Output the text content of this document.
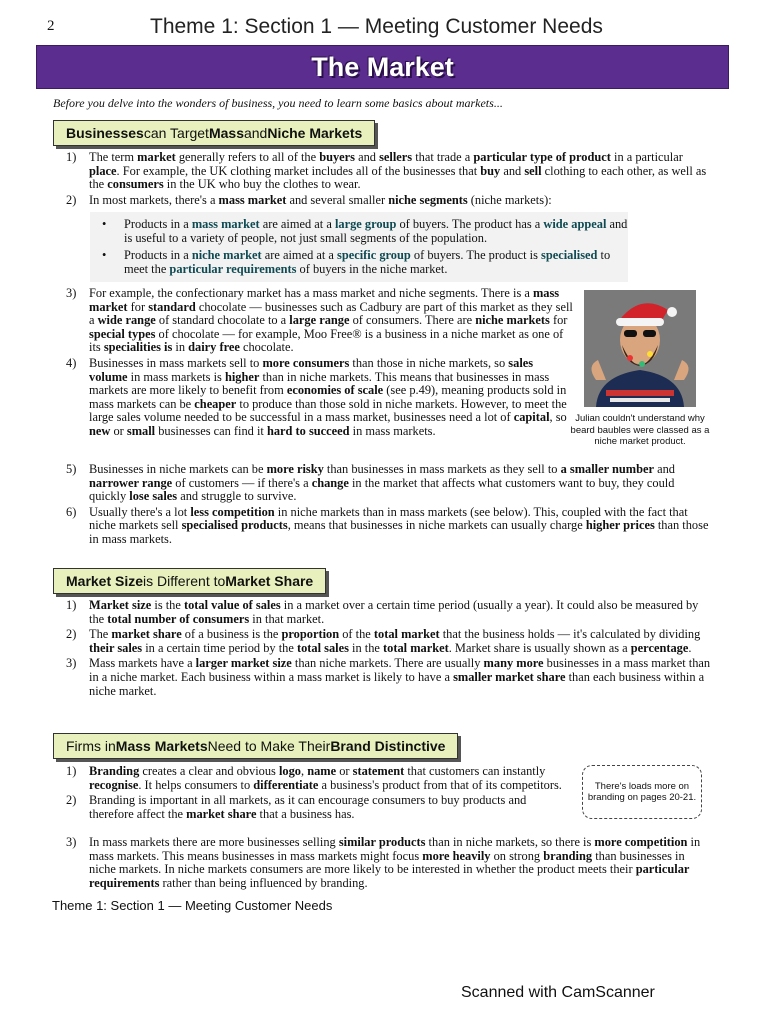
2	Theme 1: Section 1 — Meeting Customer Needs
The Market
Before you delve into the wonders of business, you need to learn some basics about markets...
Businesses can Target Mass and Niche Markets
1) The term market generally refers to all of the buyers and sellers that trade a particular type of product in a particular place. For example, the UK clothing market includes all of the businesses that buy and sell clothing to each other, as well as the consumers in the UK who buy the clothes to wear.
2) In most markets, there's a mass market and several smaller niche segments (niche markets):
• Products in a mass market are aimed at a large group of buyers. The product has a wide appeal and is useful to a variety of people, not just small segments of the population.
• Products in a niche market are aimed at a specific group of buyers. The product is specialised to meet the particular requirements of buyers in the niche market.
3) For example, the confectionary market has a mass market and niche segments. There is a mass market for standard chocolate — businesses such as Cadbury are part of this market as they sell a wide range of standard chocolate to a large range of consumers. There are niche markets for special types of chocolate — for example, Moo Free® is a business in a niche market as one of its specialities is in dairy free chocolate.
4) Businesses in mass markets sell to more consumers than those in niche markets, so sales volume in mass markets is higher than in niche markets. This means that businesses in mass markets are more likely to benefit from economies of scale (see p.49), meaning products sold in mass markets can be cheaper to produce than those sold in niche markets. However, to meet the large sales volume needed to be successful in a mass market, businesses need a lot of capital, so new or small businesses can find it hard to succeed in mass markets.
5) Businesses in niche markets can be more risky than businesses in mass markets as they sell to a smaller number and narrower range of customers — if there's a change in the market that affects what customers want to buy, they could quickly lose sales and struggle to survive.
6) Usually there's a lot less competition in niche markets than in mass markets (see below). This, coupled with the fact that niche markets sell specialised products, means that businesses in niche markets can usually charge higher prices than those in mass markets.
Julian couldn't understand why beard baubles were classed as a niche market product.
Market Size is Different to Market Share
1) Market size is the total value of sales in a market over a certain time period (usually a year). It could also be measured by the total number of consumers in that market.
2) The market share of a business is the proportion of the total market that the business holds — it's calculated by dividing their sales in a certain time period by the total sales in the total market. Market share is usually shown as a percentage.
3) Mass markets have a larger market size than niche markets. There are usually many more businesses in a mass market than in a niche market. Each business within a mass market is likely to have a smaller market share than each business within a niche market.
Firms in Mass Markets Need to Make Their Brand Distinctive
1) Branding creates a clear and obvious logo, name or statement that customers can instantly recognise. It helps consumers to differentiate a business's product from that of its competitors.
2) Branding is important in all markets, as it can encourage consumers to buy products and therefore affect the market share that a business has.
3) In mass markets there are more businesses selling similar products than in niche markets, so there is more competition in mass markets. This means businesses in mass markets might focus more heavily on strong branding than businesses in niche markets. In niche markets consumers are more likely to be interested in whether the product meets their particular requirements rather than being influenced by branding.
There's loads more on branding on pages 20-21.
Theme 1: Section 1 — Meeting Customer Needs
Scanned with CamScanner
